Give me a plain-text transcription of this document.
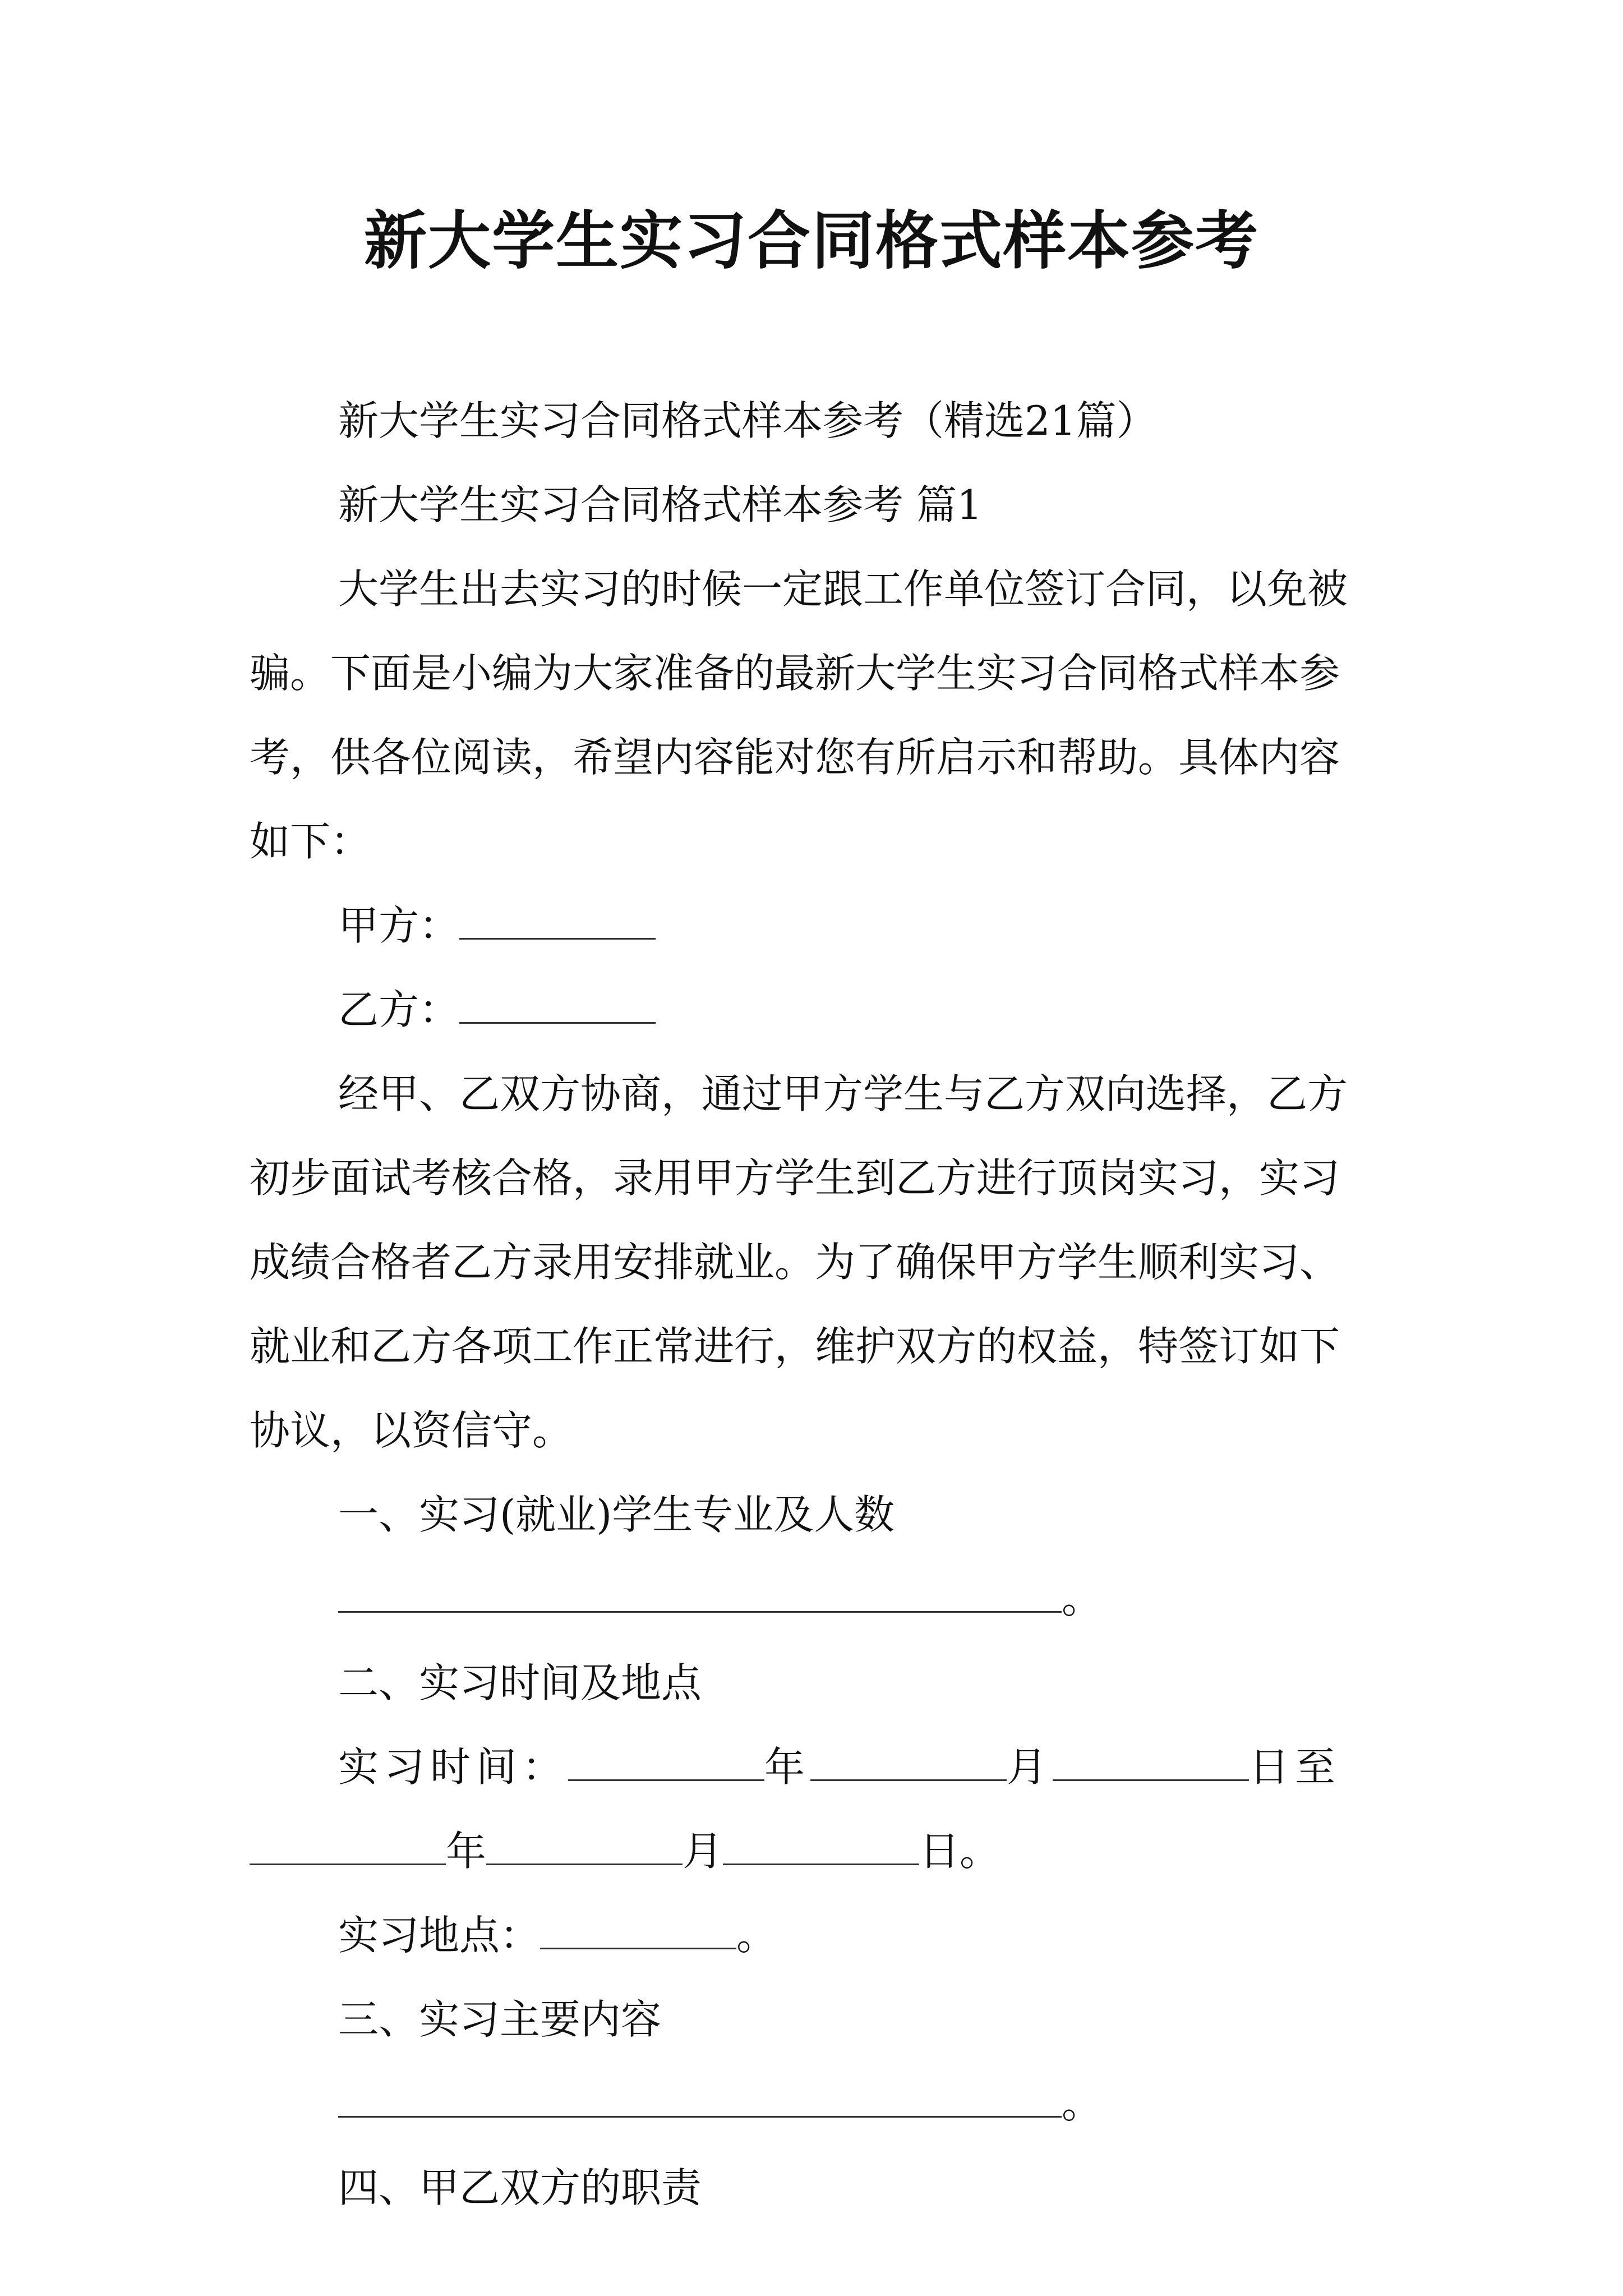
新大学生实习合同格式样本参考

新大学生实习合同格式样本参考（精选21篇）

新大学生实习合同格式样本参考 篇1

大学生出去实习的时候一定跟工作单位签订合同，以免被骗。下面是小编为大家准备的最新大学生实习合同格式样本参考，供各位阅读，希望内容能对您有所启示和帮助。具体内容如下：

甲方：

乙方：

经甲、乙双方协商，通过甲方学生与乙方双向选择，乙方初步面试考核合格，录用甲方学生到乙方进行顶岗实习，实习成绩合格者乙方录用安排就业。为了确保甲方学生顺利实习、就业和乙方各项工作正常进行，维护双方的权益，特签订如下协议，以资信守。

一、实习(就业)学生专业及人数

。

二、实习时间及地点

实习时间：	年	月	日至

年	月	日。

实习地点：	。

三、实习主要内容

。

四、甲乙双方的职责
